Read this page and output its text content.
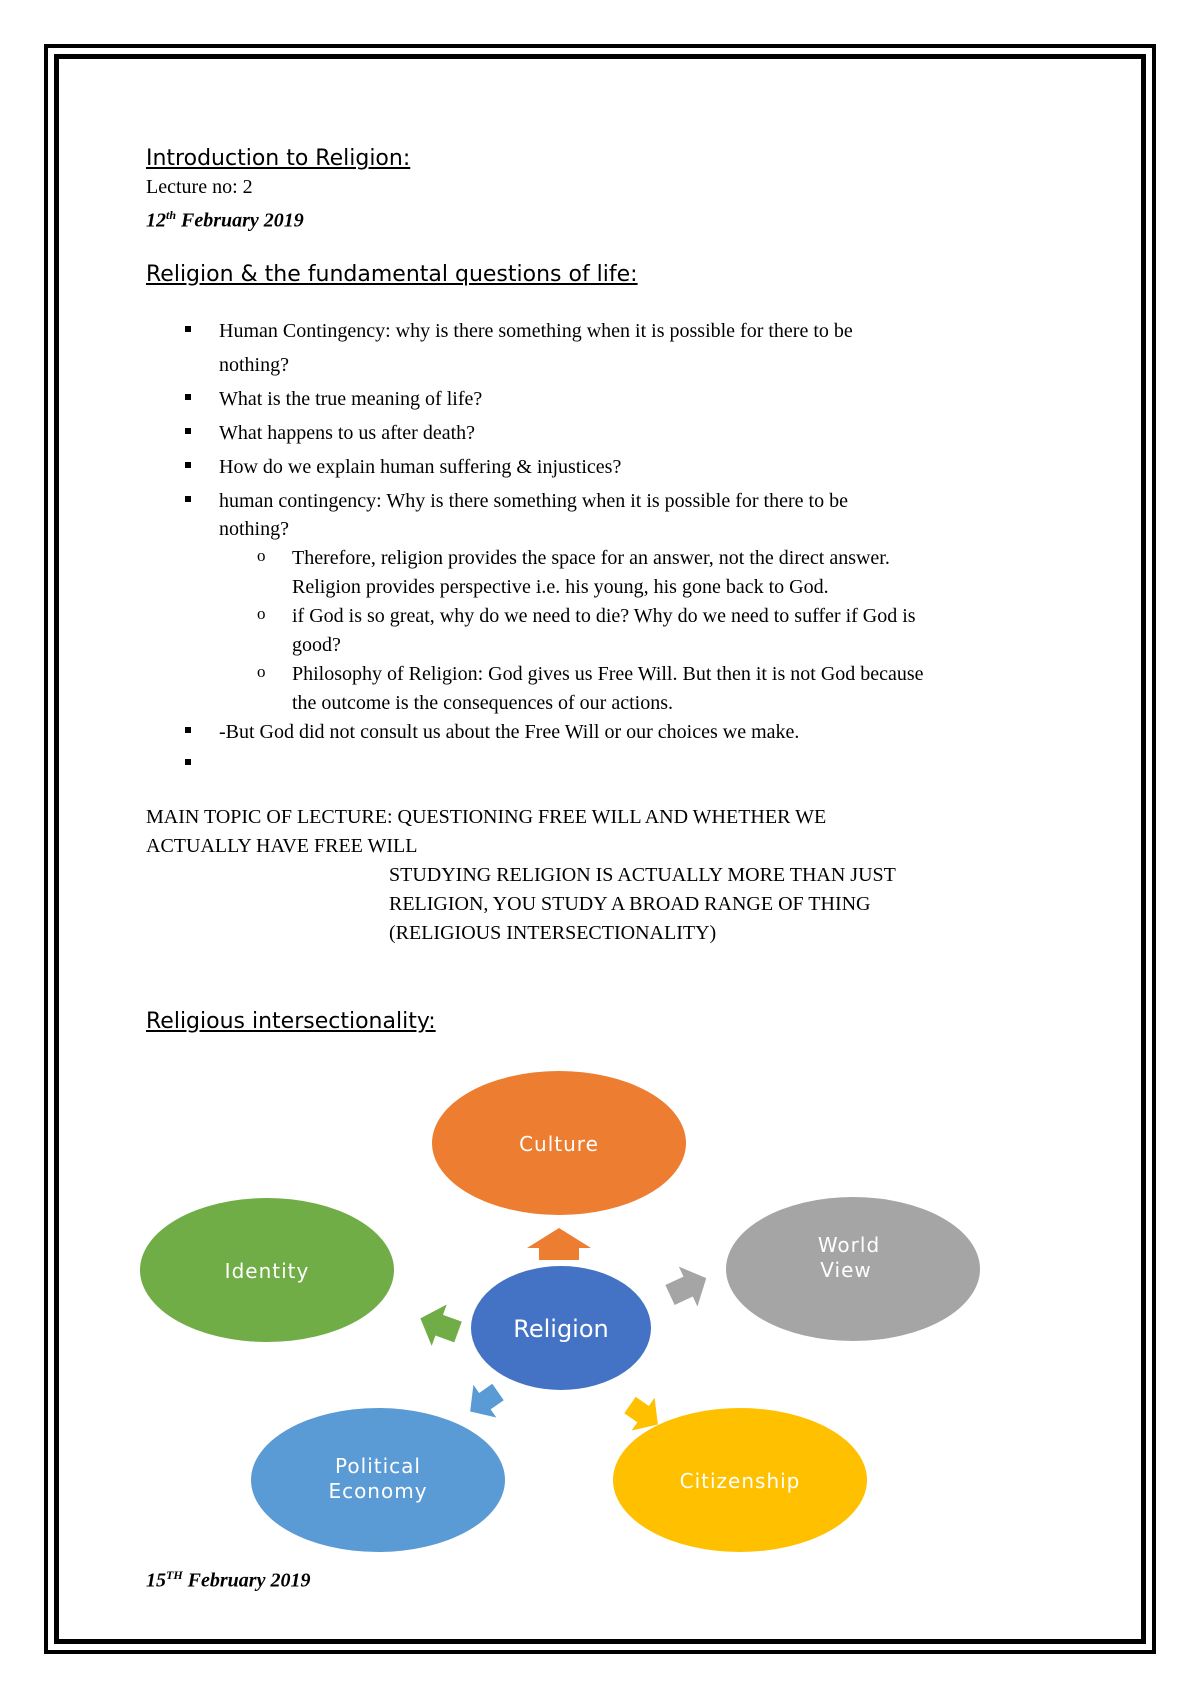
Introduction to Religion:
Lecture no: 2
12th February 2019
Religion & the fundamental questions of life:
Human Contingency: why is there something when it is possible for there to be
nothing?
What is the true meaning of life?
What happens to us after death?
How do we explain human suffering & injustices?
human contingency: Why is there something when it is possible for there to be
nothing?
o Therefore, religion provides the space for an answer, not the direct answer.
Religion provides perspective i.e. his young, his gone back to God.
o if God is so great, why do we need to die? Why do we need to suffer if God is
good?
o Philosophy of Religion: God gives us Free Will. But then it is not God because
the outcome is the consequences of our actions.
-But God did not consult us about the Free Will or our choices we make.
MAIN TOPIC OF LECTURE: QUESTIONING FREE WILL AND WHETHER WE
ACTUALLY HAVE FREE WILL
STUDYING RELIGION IS ACTUALLY MORE THAN JUST
RELIGION, YOU STUDY A BROAD RANGE OF THING
(RELIGIOUS INTERSECTIONALITY)
Religious intersectionality:
Culture
World
View
Citizenship
Political
Economy
Identity
Religion
15TH February 2019
